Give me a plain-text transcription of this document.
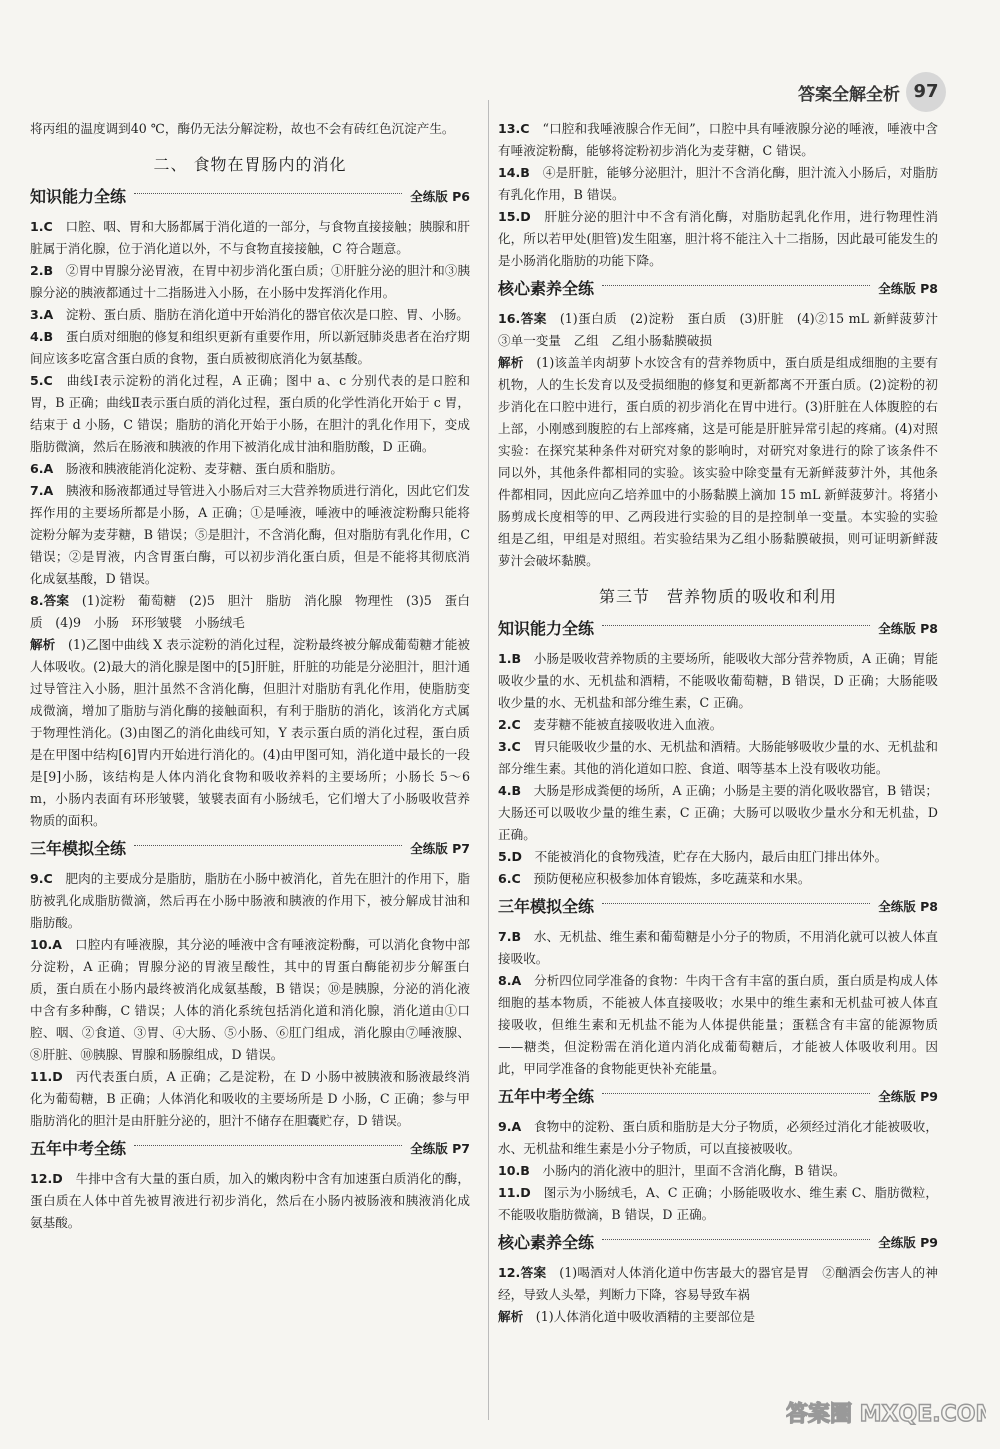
答案全解全析 97

将丙组的温度调到40 ℃，酶仍无法分解淀粉，故也不会有砖红色沉淀产生。

二、 食物在胃肠内的消化
知识能力全练	全练版 P6

1.C　 口腔、咽、胃和大肠都属于消化道的一部分，与食物直接接触；胰腺和肝脏属于消化腺，位于消化道以外，不与食物直接接触，C 符合题意。

2.B　 ②胃中胃腺分泌胃液，在胃中初步消化蛋白质；①肝脏分泌的胆汁和③胰腺分泌的胰液都通过十二指肠进入小肠，在小肠中发挥消化作用。

3.A　 淀粉、蛋白质、脂肪在消化道中开始消化的器官依次是口腔、胃、小肠。

4.B　 蛋白质对细胞的修复和组织更新有重要作用，所以新冠肺炎患者在治疗期间应该多吃富含蛋白质的食物，蛋白质被彻底消化为氨基酸。

5.C　 曲线Ⅰ表示淀粉的消化过程，A 正确；图中 a、c 分别代表的是口腔和胃，B 正确；曲线Ⅱ表示蛋白质的消化过程，蛋白质的化学性消化开始于 c 胃，结束于 d 小肠，C 错误；脂肪的消化开始于小肠，在胆汁的乳化作用下，变成脂肪微滴，然后在肠液和胰液的作用下被消化成甘油和脂肪酸，D 正确。

6.A　 肠液和胰液能消化淀粉、麦芽糖、蛋白质和脂肪。

7.A　 胰液和肠液都通过导管进入小肠后对三大营养物质进行消化，因此它们发挥作用的主要场所都是小肠，A 正确；①是唾液，唾液中的唾液淀粉酶只能将淀粉分解为麦芽糖，B 错误；⑤是胆汁，不含消化酶，但对脂肪有乳化作用，C 错误；②是胃液，内含胃蛋白酶，可以初步消化蛋白质，但是不能将其彻底消化成氨基酸，D 错误。

8.答案　 (1)淀粉　葡萄糖　(2)5　胆汁　脂肪　消化腺　物理性　(3)5　蛋白质　(4)9　小肠　环形皱襞　小肠绒毛

解析　 (1)乙图中曲线 X 表示淀粉的消化过程，淀粉最终被分解成葡萄糖才能被人体吸收。(2)最大的消化腺是图中的[5]肝脏，肝脏的功能是分泌胆汁，胆汁通过导管注入小肠，胆汁虽然不含消化酶，但胆汁对脂肪有乳化作用，使脂肪变成微滴，增加了脂肪与消化酶的接触面积，有利于脂肪的消化，该消化方式属于物理性消化。(3)由图乙的消化曲线可知，Y 表示蛋白质的消化过程，蛋白质是在甲图中结构[6]胃内开始进行消化的。(4)由甲图可知，消化道中最长的一段是[9]小肠，该结构是人体内消化食物和吸收养料的主要场所；小肠长 5～6 m，小肠内表面有环形皱襞，皱襞表面有小肠绒毛，它们增大了小肠吸收营养物质的面积。

三年模拟全练	全练版 P7

9.C　 肥肉的主要成分是脂肪，脂肪在小肠中被消化，首先在胆汁的作用下，脂肪被乳化成脂肪微滴，然后再在小肠中肠液和胰液的作用下，被分解成甘油和脂肪酸。

10.A　 口腔内有唾液腺，其分泌的唾液中含有唾液淀粉酶，可以消化食物中部分淀粉，A 正确；胃腺分泌的胃液呈酸性，其中的胃蛋白酶能初步分解蛋白质，蛋白质在小肠内最终被消化成氨基酸，B 错误；⑩是胰腺，分泌的消化液中含有多种酶，C 错误；人体的消化系统包括消化道和消化腺，消化道由①口腔、咽、②食道、③胃、④大肠、⑤小肠、⑥肛门组成，消化腺由⑦唾液腺、⑧肝脏、⑩胰腺、胃腺和肠腺组成，D 错误。

11.D　 丙代表蛋白质，A 正确；乙是淀粉，在 D 小肠中被胰液和肠液最终消化为葡萄糖，B 正确；人体消化和吸收的主要场所是 D 小肠，C 正确；参与甲脂肪消化的胆汁是由肝脏分泌的，胆汁不储存在胆囊贮存，D 错误。

五年中考全练	全练版 P7

12.D　 牛排中含有大量的蛋白质，加入的嫩肉粉中含有加速蛋白质消化的酶，蛋白质在人体中首先被胃液进行初步消化，然后在小肠内被肠液和胰液消化成氨基酸。

13.C　 “口腔和我唾液腺合作无间”，口腔中具有唾液腺分泌的唾液，唾液中含有唾液淀粉酶，能够将淀粉初步消化为麦芽糖，C 错误。

14.B　 ④是肝脏，能够分泌胆汁，胆汁不含消化酶，胆汁流入小肠后，对脂肪有乳化作用，B 错误。

15.D　 肝脏分泌的胆汁中不含有消化酶，对脂肪起乳化作用，进行物理性消化，所以若甲处(胆管)发生阻塞，胆汁将不能注入十二指肠，因此最可能发生的是小肠消化脂肪的功能下降。

核心素养全练	全练版 P8

16.答案　 (1)蛋白质　(2)淀粉　蛋白质　(3)肝脏　(4)②15 mL 新鲜菠萝汁　③单一变量　乙组　乙组小肠黏膜破损

解析　 (1)该盖羊肉胡萝卜水饺含有的营养物质中，蛋白质是组成细胞的主要有机物，人的生长发育以及受损细胞的修复和更新都离不开蛋白质。(2)淀粉的初步消化在口腔中进行，蛋白质的初步消化在胃中进行。(3)肝脏在人体腹腔的右上部，小刚感到腹腔的右上部疼痛，这是可能是肝脏异常引起的疼痛。(4)对照实验：在探究某种条件对研究对象的影响时，对研究对象进行的除了该条件不同以外，其他条件都相同的实验。该实验中除变量有无新鲜菠萝汁外，其他条件都相同，因此应向乙培养皿中的小肠黏膜上滴加 15 mL 新鲜菠萝汁。将猪小肠剪成长度相等的甲、乙两段进行实验的目的是控制单一变量。本实验的实验组是乙组，甲组是对照组。若实验结果为乙组小肠黏膜破损，则可证明新鲜菠萝汁会破坏黏膜。

第三节　营养物质的吸收和利用
知识能力全练	全练版 P8

1.B　 小肠是吸收营养物质的主要场所，能吸收大部分营养物质，A 正确；胃能吸收少量的水、无机盐和酒精，不能吸收葡萄糖，B 错误，D 正确；大肠能吸收少量的水、无机盐和部分维生素，C 正确。

2.C　 麦芽糖不能被直接吸收进入血液。

3.C　 胃只能吸收少量的水、无机盐和酒精。大肠能够吸收少量的水、无机盐和部分维生素。其他的消化道如口腔、食道、咽等基本上没有吸收功能。

4.B　 大肠是形成粪便的场所，A 正确；小肠是主要的消化吸收器官，B 错误；大肠还可以吸收少量的维生素，C 正确；大肠可以吸收少量水分和无机盐，D 正确。

5.D　 不能被消化的食物残渣，贮存在大肠内，最后由肛门排出体外。

6.C　 预防便秘应积极参加体育锻炼，多吃蔬菜和水果。

三年模拟全练	全练版 P8

7.B　 水、无机盐、维生素和葡萄糖是小分子的物质，不用消化就可以被人体直接吸收。

8.A　 分析四位同学准备的食物：牛肉干含有丰富的蛋白质，蛋白质是构成人体细胞的基本物质，不能被人体直接吸收；水果中的维生素和无机盐可被人体直接吸收，但维生素和无机盐不能为人体提供能量；蛋糕含有丰富的能源物质——糖类，但淀粉需在消化道内消化成葡萄糖后，才能被人体吸收利用。因此，甲同学准备的食物能更快补充能量。

五年中考全练	全练版 P9

9.A　 食物中的淀粉、蛋白质和脂肪是大分子物质，必须经过消化才能被吸收，水、无机盐和维生素是小分子物质，可以直接被吸收。

10.B　 小肠内的消化液中的胆汁，里面不含消化酶，B 错误。

11.D　 图示为小肠绒毛，A、C 正确；小肠能吸收水、维生素 C、脂肪微粒，不能吸收脂肪微滴，B 错误，D 正确。

核心素养全练	全练版 P9

12.答案　 (1)喝酒对人体消化道中伤害最大的器官是胃　②酗酒会伤害人的神经，导致人头晕，判断力下降，容易导致车祸

解析　 (1)人体消化道中吸收酒精的主要部位是

答案圈 MXQE.COM
